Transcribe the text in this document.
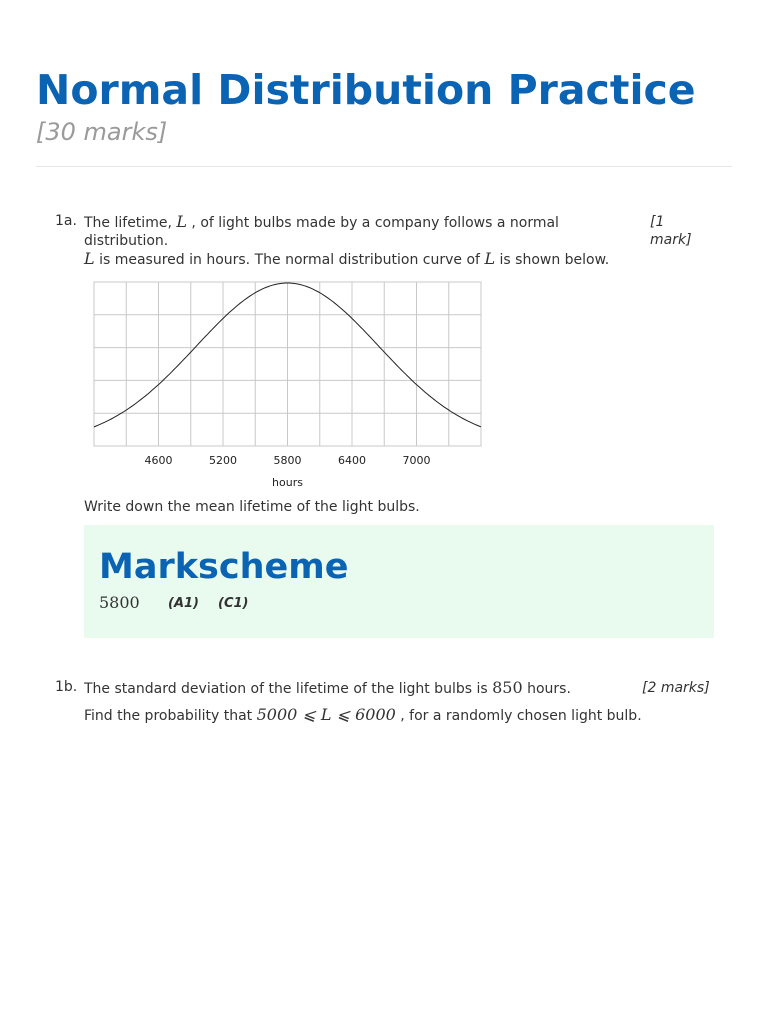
Normal Distribution Practice
[30 marks]
1a. The lifetime, L , of light bulbs made by a company follows a normal
distribution.
L is measured in hours. The normal distribution curve of L is shown below.
[1 mark]
4600	5200	5800	6400	7000
hours
Write down the mean lifetime of the light bulbs.
Markscheme
5800 (A1) (C1)
1b. The standard deviation of the lifetime of the light bulbs is 850 hours.	[2 marks]
Find the probability that 5000 ⩽ L ⩽ 6000 , for a randomly chosen light bulb.
